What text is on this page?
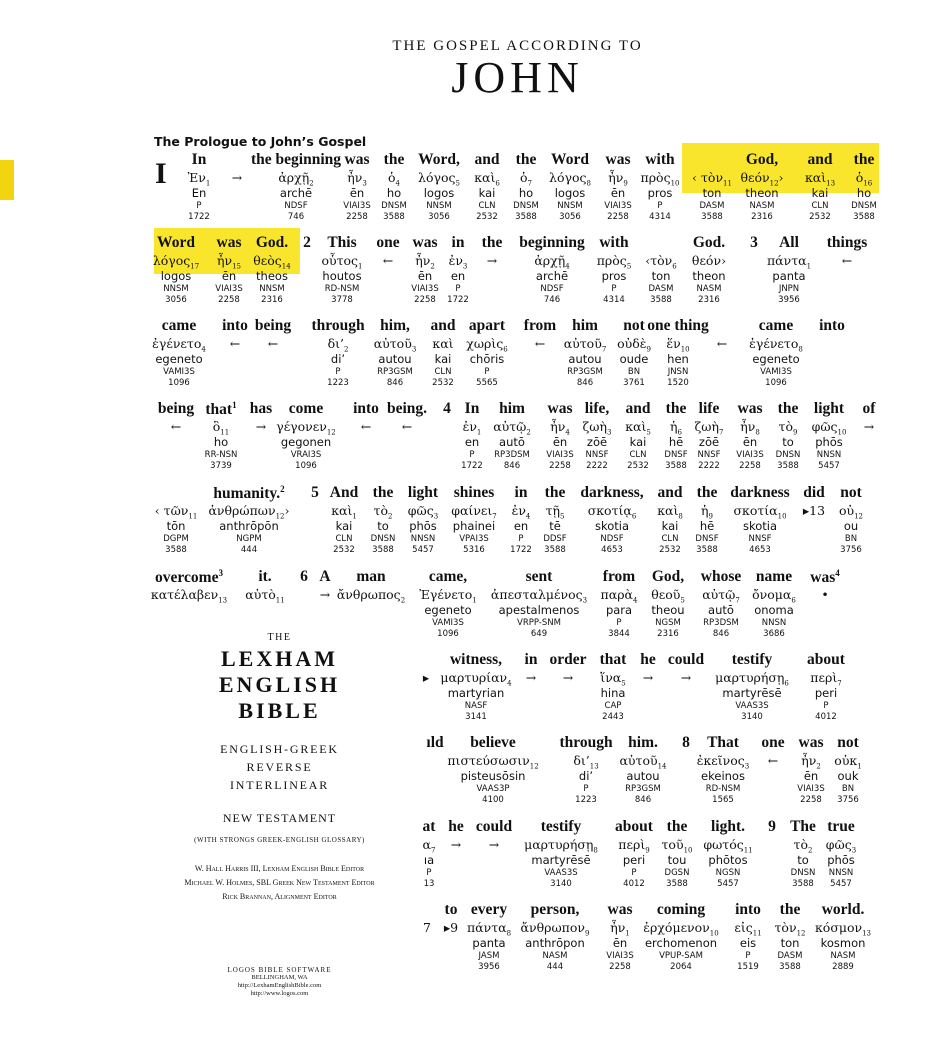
THE GOSPEL ACCORDING TO
JOHN
The Prologue to John’s Gospel
I In
Ἐν$_1$
En
P
1722
→
the beginning
ἀρχῇ$_2$
archē
NDSF
746
was
ἦν$_3$
ēn
VIAI3S
2258
the
ὁ$_4$
ho
DNSM
3588
Word,
λόγος$_5$
logos
NNSM
3056
and
καὶ$_6$
kai
CLN
2532
the
ὁ$_7$
ho
DNSM
3588
Word
λόγος$_8$
logos
NNSM
3056
was
ἦν$_9$
ēn
VIAI3S
2258
with
πρὸς$_{10}$
pros
P
4314
‹ τὸν$_{11}$
ton
DASM
3588
God,
θεόν$_{12}$›
theon
NASM
2316
and
καὶ$_{13}$
kai
CLN
2532
the
ὁ$_{16}$
ho
DNSM
3588
Word
λόγος$_{17}$
logos
NNSM
3056
was
ἦν$_{15}$
ēn
VIAI3S
2258
God.
θεὸς$_{14}$
theos
NNSM
2316
2 This
οὗτος$_1$
houtos
RD-NSM
3778
one
←
was
ἦν$_2$
ēn
VIAI3S
2258
in
ἐν$_3$
en
P
1722
the
→
beginning
ἀρχῇ$_4$
archē
NDSF
746
with
πρὸς$_5$
pros
P
4314
‹τὸν$_6$
ton
DASM
3588
God.
θεόν›
theon
NASM
2316
3 All
πάντα$_1$
panta
JNPN
3956
things
←
came
ἐγένετο$_4$
egeneto
VAMI3S
1096
into
←
being
←
through
$\delta\iota’_2$
di’
P
1223
him,
αὐτοῦ$_3$
autou
RP3GSM
846
and
καὶ
kai
CLN
2532
apart
χωρὶς$_6$
chōris
P
5565
from
←
him
αὐτοῦ$_7$
autou
RP3GSM
846
not
οὐδὲ$_9$
oude
BN
3761
one thing
ἕν$_{10}$
hen
JNSN
1520
←
came
ἐγένετο$_8$
egeneto
VAMI3S
1096
into
being
←
that$^1$
ὃ$_{11}$
ho
RR-NSN
3739
has
→
come
γέγονεν$_{12}$
gegonen
VRAI3S
1096
into
←
being.
←
4 In
ἐν$_1$
en
P
1722
him
αὐτῷ$_2$
autō
RP3DSM
846
was
ἦν$_4$
ēn
VIAI3S
2258
life,
ζωὴ$_3$
zōē
NNSF
2222
and
καὶ$_5$
kai
CLN
2532
the
ἡ$_6$
hē
DNSF
3588
life
ζωὴ$_7$
zōē
NNSF
2222
was
ἦν$_8$
ēn
VIAI3S
2258
the
τὸ$_9$
to
DNSN
3588
light
φῶς$_{10}$
phōs
NNSN
5457
of
→
‹ τῶν$_{11}$
tōn
DGPM
3588
humanity.$^2$
ἀνθρώπων$_{12}$›
anthrōpōn
NGPM
444
5 And
καὶ$_1$
kai
CLN
2532
the
τὸ$_2$
to
DNSN
3588
light
φῶς$_3$
phōs
NNSN
5457
shines
φαίνει$_7$
phainei
VPAI3S
5316
in
ἐν$_4$
en
P
1722
the
τῇ$_5$
tē
DDSF
3588
darkness,
σκοτίᾳ$_6$
skotia
NDSF
4653
and
καὶ$_8$
kai
CLN
2532
the
ἡ$_9$
hē
DNSF
3588
darkness
σκοτία$_{10}$
skotia
NNSF
4653
did
▸13
not
οὐ$_{12}$
ou
BN
3756
overcome$^3$
κατέλαβεν$_{13}$
it.
αὐτὸ$_{11}$
6 A
→
man
ἄνθρωπος$_2$
came,
Ἐγένετο$_1$
egeneto
VAMI3S
1096
sent
ἀπεσταλμένος$_3$
apestalmenos
VRPP-SNM
649
from
παρὰ$_4$
para
P
3844
God,
θεοῦ$_5$
theou
NGSM
2316
whose
αὐτῷ$_7$
autō
RP3DSM
846
name
ὄνομα$_6$
onoma
NNSN
3686
was$^4$
•
▸
witness,
μαρτυρίαν$_4$
martyrian
NASF
3141
in
→
order
→
that
ἵνα$_5$
hina
CAP
2443
he
→
could
→
testify
μαρτυρήσῃ$_6$
martyrēsē
VAAS3S
3140
about
περὶ$_7$
peri
P
4012
ıld believe
πιστεύσωσιν$_{12}$
pisteusōsin
VAAS3P
4100
through
$\delta\iota’_{13}$
di’
P
1223
him.
αὐτοῦ$_{14}$
autou
RP3GSM
846
8 That
ἐκεῖνος$_3$
ekeinos
RD-NSM
1565
one
←
was
ἦν$_2$
ēn
VIAI3S
2258
not
οὐκ$_1$
ouk
BN
3756
at
$\alpha_7$
ıa
P
13
he
→
could
→
testify
μαρτυρήσῃ$_8$
martyrēsē
VAAS3S
3140
about
περὶ$_9$
peri
P
4012
the
τοῦ$_{10}$
tou
DGSN
3588
light.
φωτός$_{11}$
phōtos
NGSN
5457
9 The
τὸ$_2$
to
DNSN
3588
true
φῶς$_3$
phōs
NNSN
5457
7
to
▸9
every
πάντα$_8$
panta
JASM
3956
person,
ἄνθρωπον$_9$
anthrōpon
NASM
444
was
ἦν$_1$
ēn
VIAI3S
2258
coming
ἐρχόμενον$_{10}$
erchomenon
VPUP-SAM
2064
into
εἰς$_{11}$
eis
P
1519
the
τὸν$_{12}$
ton
DASM
3588
world.
κόσμον$_{13}$
kosmon
NASM
2889
THE
LEXHAM
ENGLISH
BIBLE
ENGLISH-GREEK
REVERSE
INTERLINEAR
NEW TESTAMENT
(WITH STRONGS GREEK-ENGLISH GLOSSARY)
W. Hall Harris III, Lexham English Bible Editor
Michael W. Holmes, SBL Greek New Testament Editor
Rick Brannan, Alignment Editor
LOGOS BIBLE SOFTWARE
BELLINGHAM, WA
http://LexhamEnglishBible.com
http://www.logos.com
